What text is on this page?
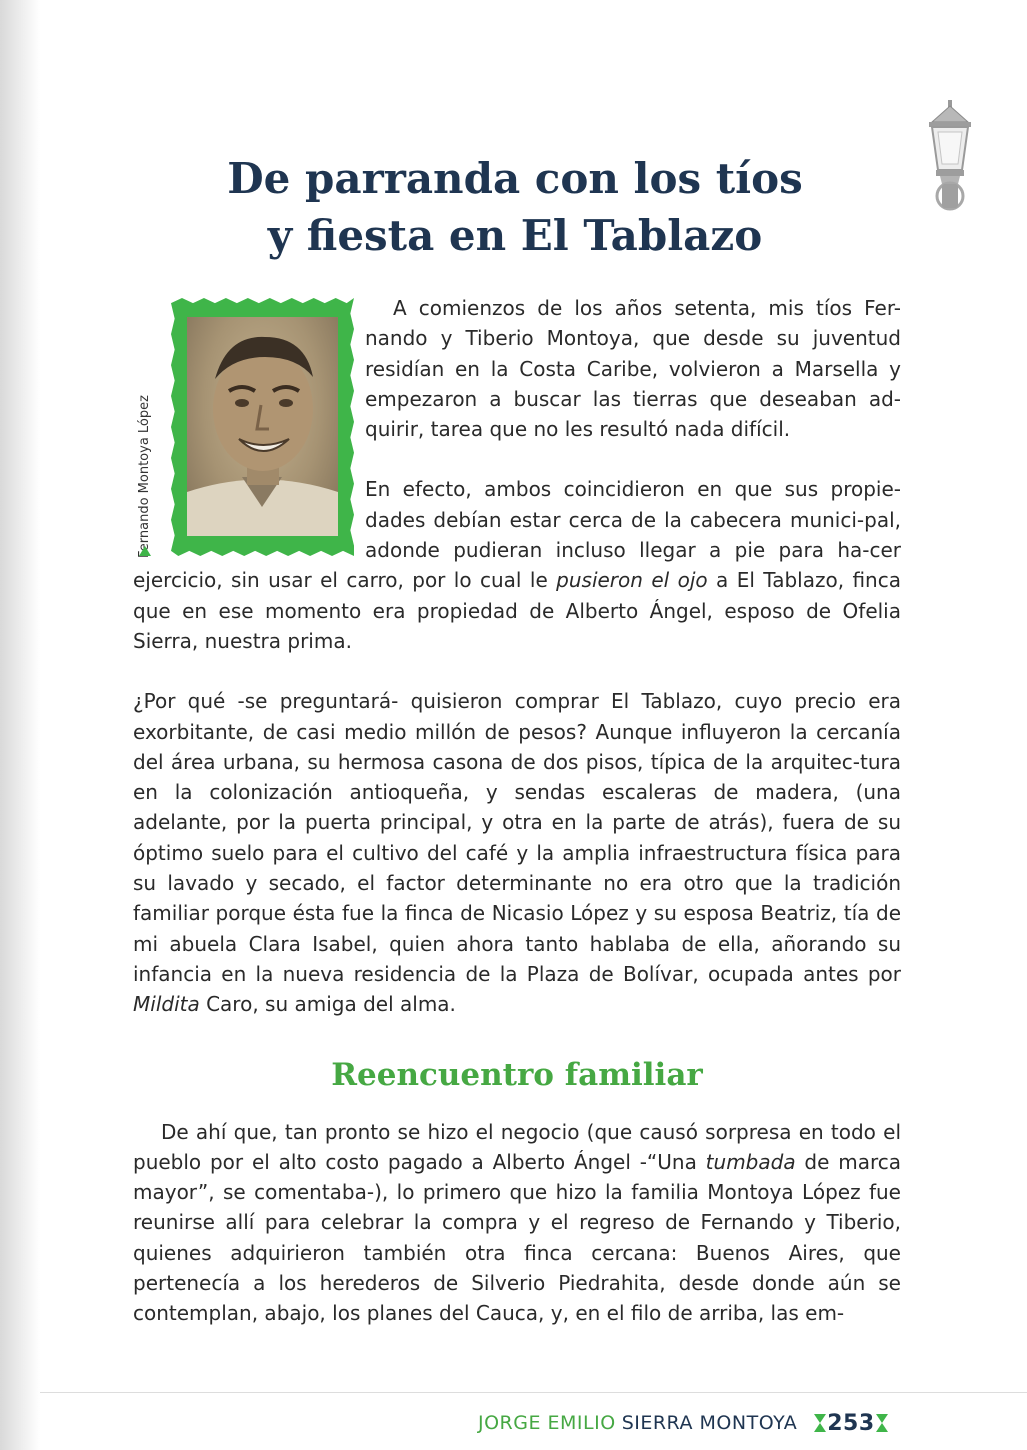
De parranda con los tíos
y fiesta en El Tablazo
Fernando Montoya López

A comienzos de los años setenta, mis tíos Fer-nando y Tiberio Montoya, que desde su juventud residían en la Costa Caribe, volvieron a Marsella y empezaron a buscar las tierras que deseaban ad-quirir, tarea que no les resultó nada difícil.

En efecto, ambos coincidieron en que sus propie-dades debían estar cerca de la cabecera munici-pal, adonde pudieran incluso llegar a pie para ha-cer ejercicio, sin usar el carro, por lo cual le pusieron el ojo a El Tablazo, finca que en ese momento era propiedad de Alberto Ángel, esposo de Ofelia Sierra, nuestra prima.

¿Por qué -se preguntará- quisieron comprar El Tablazo, cuyo precio era exorbitante, de casi medio millón de pesos? Aunque influyeron la cercanía del área urbana, su hermosa casona de dos pisos, típica de la arquitec-tura en la colonización antioqueña, y sendas escaleras de madera, (una adelante, por la puerta principal, y otra en la parte de atrás), fuera de su óptimo suelo para el cultivo del café y la amplia infraestructura física para su lavado y secado, el factor determinante no era otro que la tradición familiar porque ésta fue la finca de Nicasio López y su esposa Beatriz, tía de mi abuela Clara Isabel, quien ahora tanto hablaba de ella, añorando su infancia en la nueva residencia de la Plaza de Bolívar, ocupada antes por Mildita Caro, su amiga del alma.

Reencuentro familiar

De ahí que, tan pronto se hizo el negocio (que causó sorpresa en todo el pueblo por el alto costo pagado a Alberto Ángel -“Una tumbada de marca mayor”, se comentaba-), lo primero que hizo la familia Montoya López fue reunirse allí para celebrar la compra y el regreso de Fernando y Tiberio, quienes adquirieron también otra finca cercana: Buenos Aires, que pertenecía a los herederos de Silverio Piedrahita, desde donde aún se contemplan, abajo, los planes del Cauca, y, en el filo de arriba, las em-

JORGE EMILIO SIERRA MONTOYA 253
